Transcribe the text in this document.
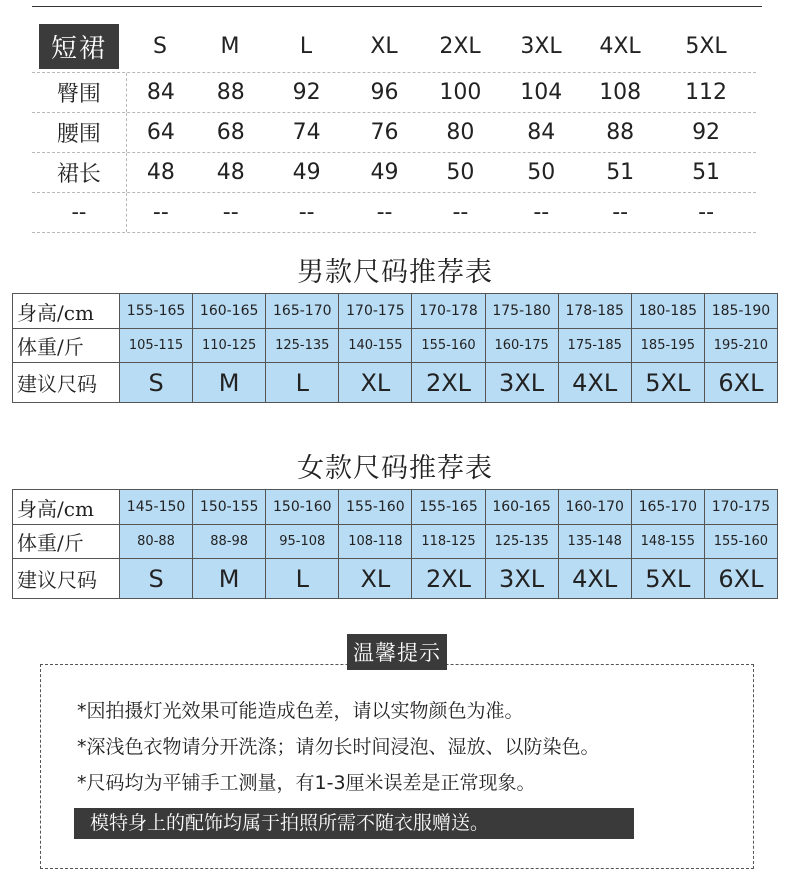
短裙	S	M	L	XL	2XL	3XL	4XL	5XL
臀围	84	88	92	96	100	104	108	112
腰围	64	68	74	76	80	84	88	92
裙长	48	48	49	49	50	50	51	51
--	--	--	--	--	--	--	--	--
男款尺码推荐表
身高/cm	155-165	160-165	165-170	170-175	170-178	175-180	178-185	180-185	185-190
体重/斤	105-115	110-125	125-135	140-155	155-160	160-175	175-185	185-195	195-210
建议尺码	S	M	L	XL	2XL	3XL	4XL	5XL	6XL
女款尺码推荐表
身高/cm	145-150	150-155	150-160	155-160	155-165	160-165	160-170	165-170	170-175
体重/斤	80-88	88-98	95-108	108-118	118-125	125-135	135-148	148-155	155-160
建议尺码	S	M	L	XL	2XL	3XL	4XL	5XL	6XL
*因拍摄灯光效果可能造成色差，请以实物颜色为准。
*深浅色衣物请分开洗涤；请勿长时间浸泡、湿放、以防染色。
*尺码均为平铺手工测量，有1-3厘米误差是正常现象。
模特身上的配饰均属于拍照所需不随衣服赠送。
温馨提示
